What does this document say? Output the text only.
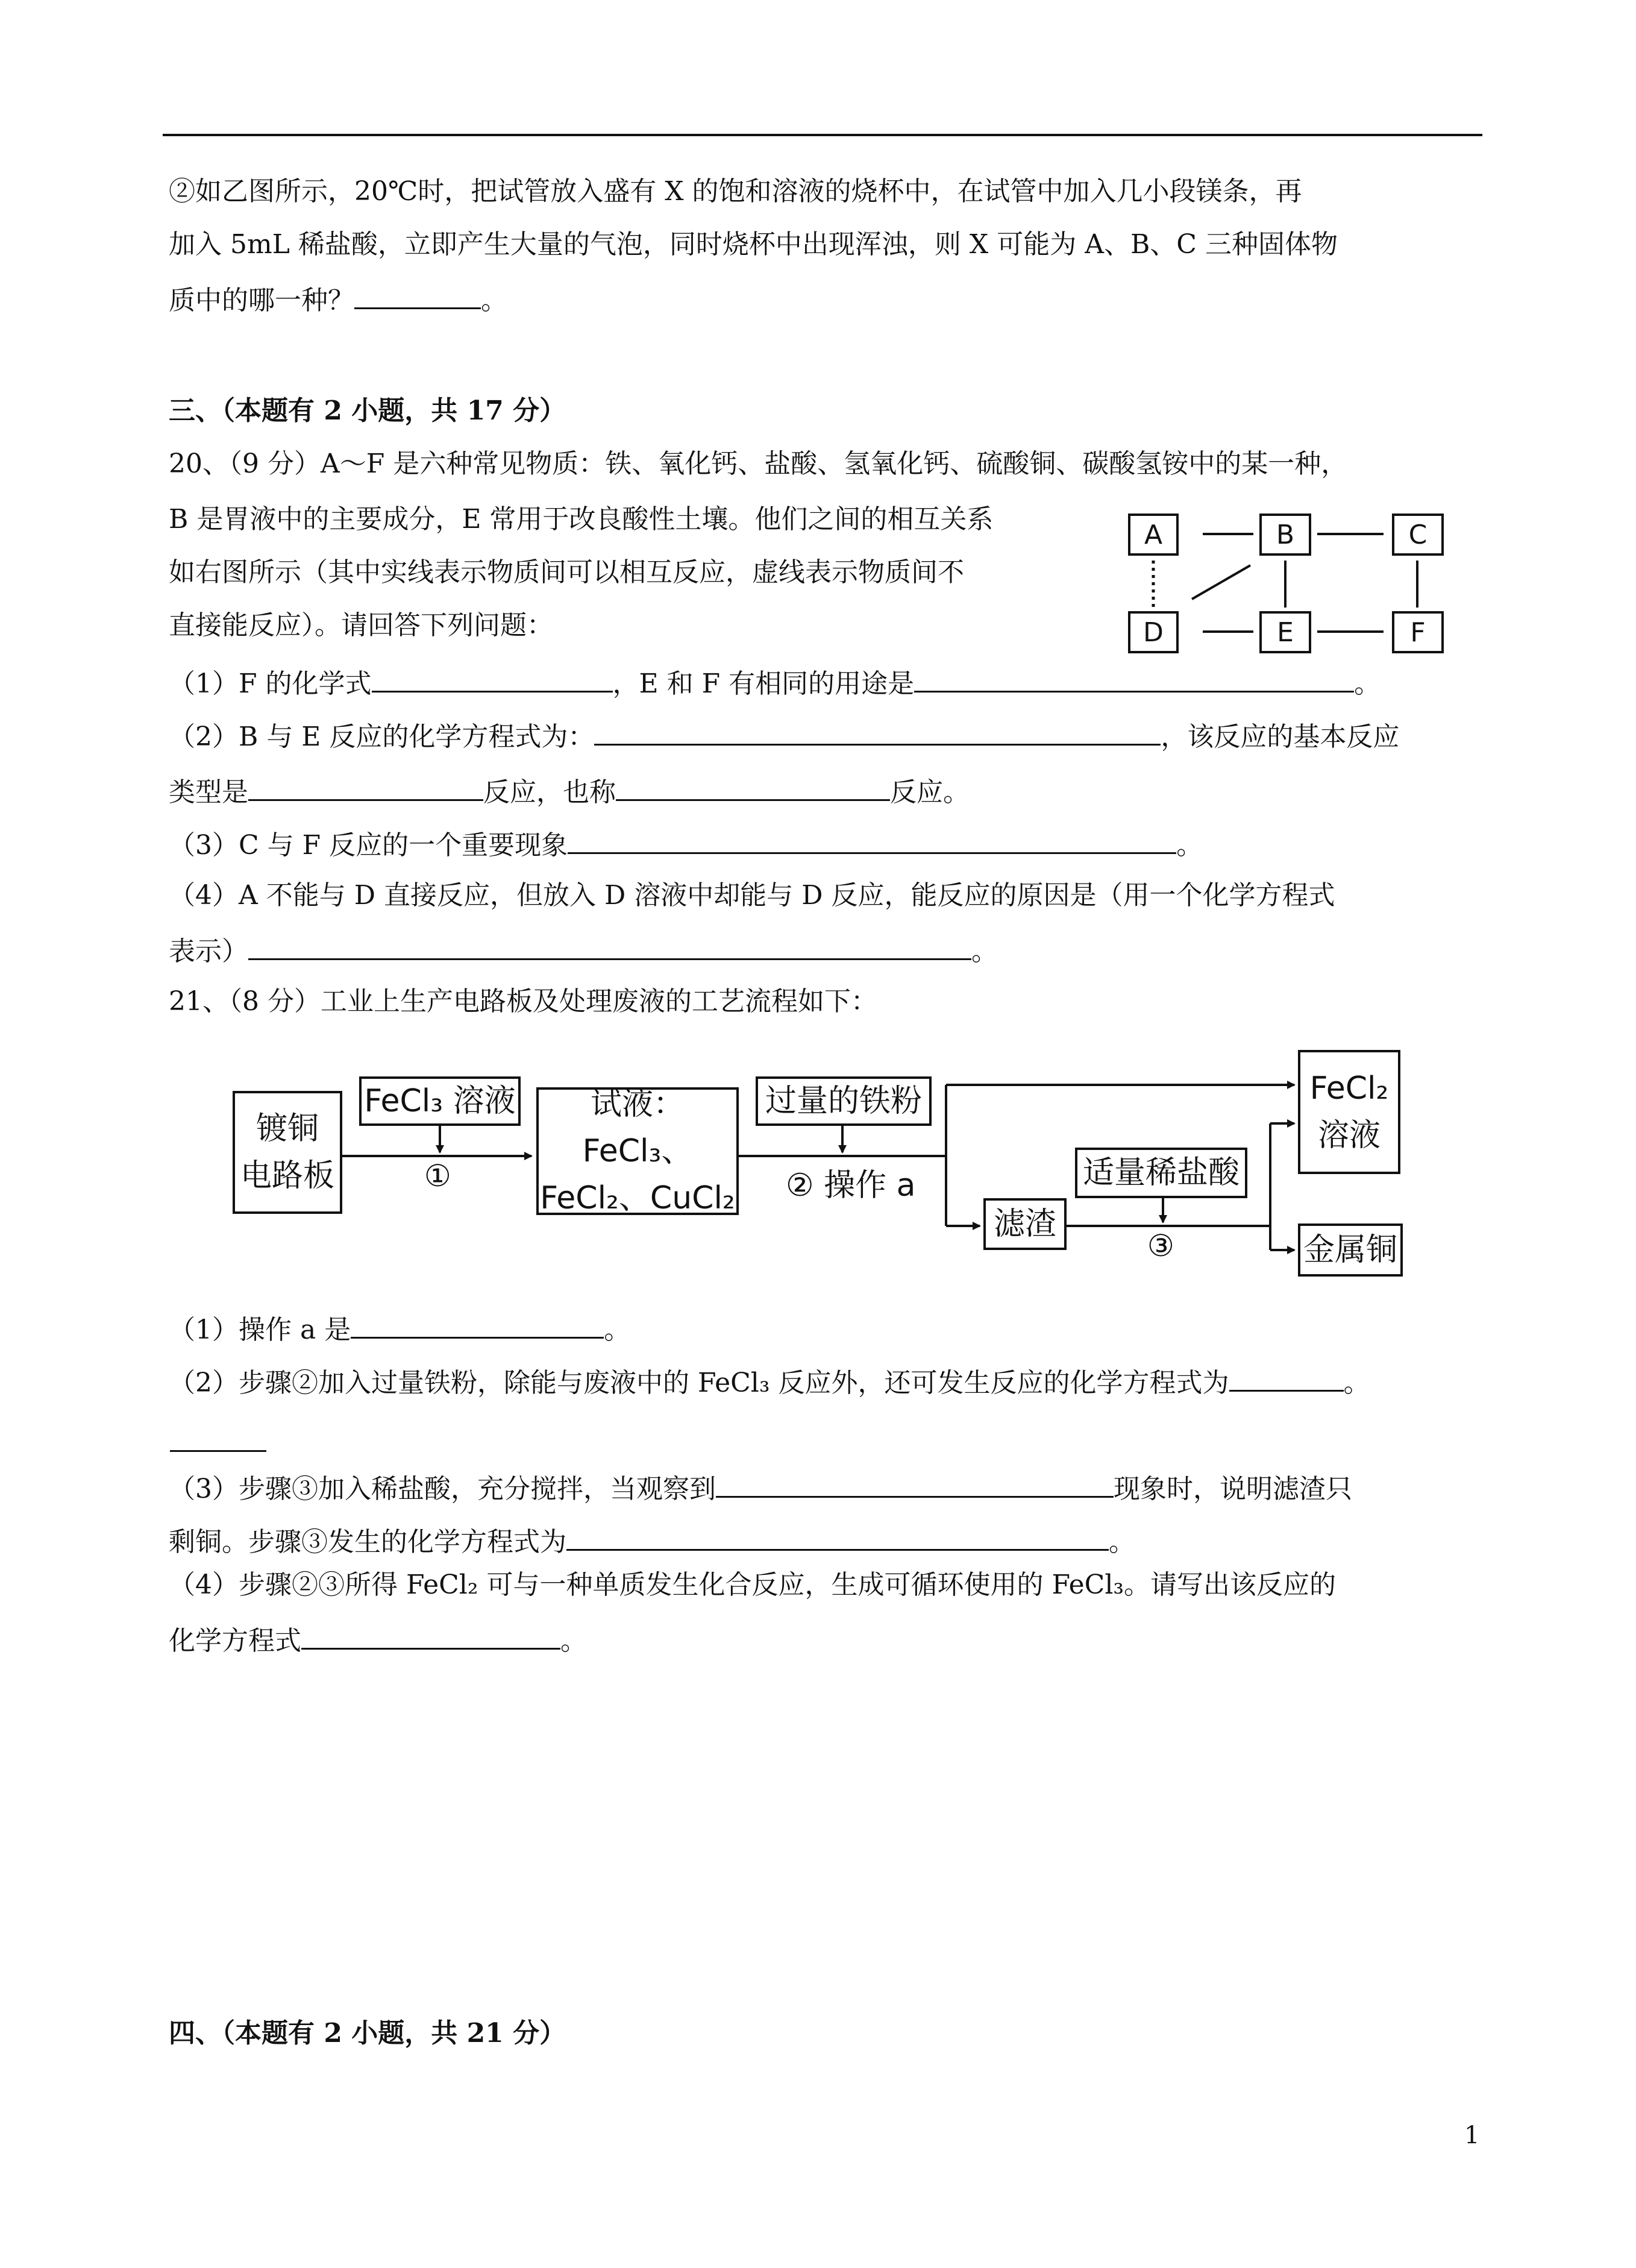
②如乙图所示，20℃时，把试管放入盛有 X 的饱和溶液的烧杯中，在试管中加入几小段镁条，再
加入 5mL 稀盐酸，立即产生大量的气泡，同时烧杯中出现浑浊，则 X 可能为 A、B、C 三种固体物
质中的哪一种？	。
三、（本题有 2 小题，共 17 分）
20、（9 分）A～F 是六种常见物质：铁、氧化钙、盐酸、氢氧化钙、硫酸铜、碳酸氢铵中的某一种，
B 是胃液中的主要成分，E 常用于改良酸性土壤。他们之间的相互关系
如右图所示（其中实线表示物质间可以相互反应，虚线表示物质间不
直接能反应）。请回答下列问题：
A	B	C
D	E	F
（1）F 的化学式	，E 和 F 有相同的用途是	。
（2）B 与 E 反应的化学方程式为：	，该反应的基本反应
类型是	反应，也称	反应。
（3）C 与 F 反应的一个重要现象	。
（4）A 不能与 D 直接反应，但放入 D 溶液中却能与 D 反应，能反应的原因是（用一个化学方程式
表示）	。
21、（8 分）工业上生产电路板及处理废液的工艺流程如下：
镀铜
电路板
FeCl₃ 溶液
①
试液：FeCl₃、
FeCl₂、CuCl₂
过量的铁粉
② 操作 a
滤渣
适量稀盐酸
③
FeCl₂
溶液
金属铜
（1）操作 a 是	。
（2）步骤②加入过量铁粉，除能与废液中的 FeCl₃ 反应外，还可发生反应的化学方程式为	。
（3）步骤③加入稀盐酸，充分搅拌，当观察到	现象时，说明滤渣只
剩铜。步骤③发生的化学方程式为	。
（4）步骤②③所得 FeCl₂ 可与一种单质发生化合反应，生成可循环使用的 FeCl₃。请写出该反应的
化学方程式	。
四、（本题有 2 小题，共 21 分）
1
